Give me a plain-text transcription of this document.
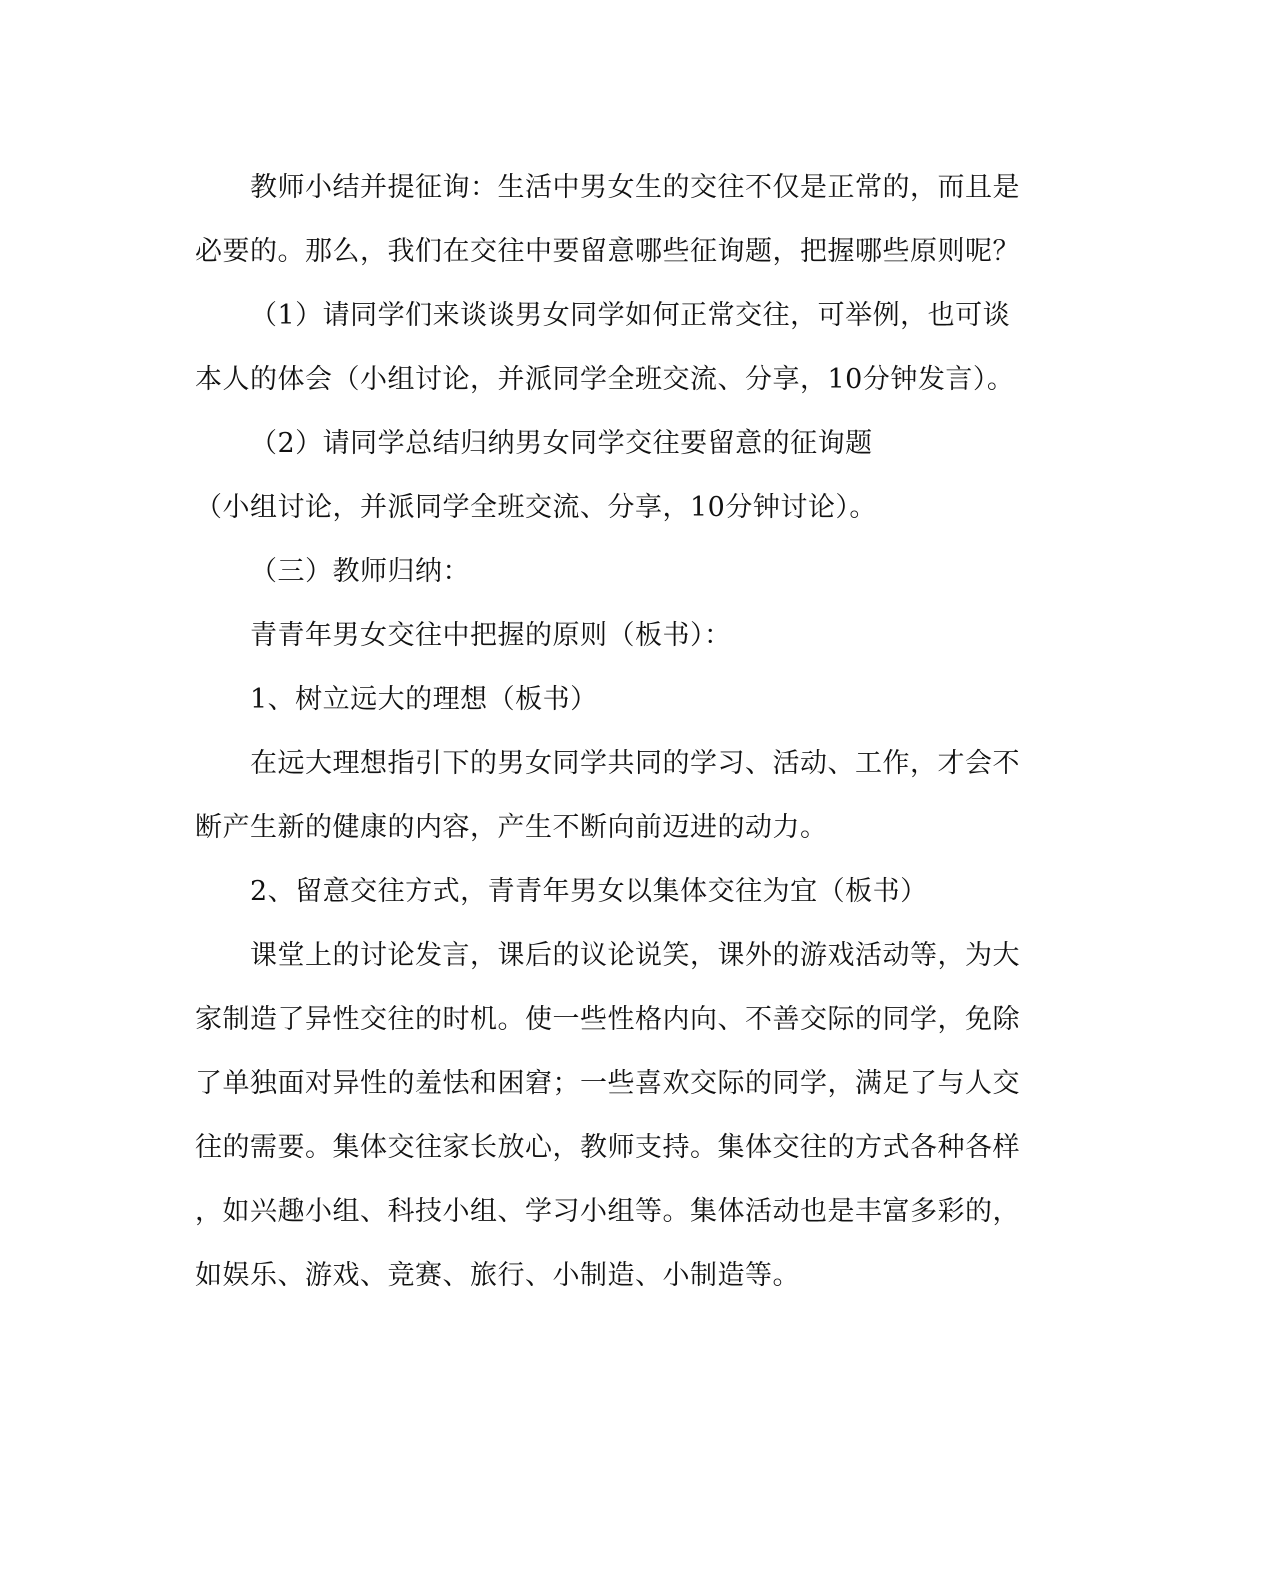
教师小结并提征询：生活中男女生的交往不仅是正常的，而且是
必要的。那么，我们在交往中要留意哪些征询题，把握哪些原则呢？
（1）请同学们来谈谈男女同学如何正常交往，可举例，也可谈
本人的体会（小组讨论，并派同学全班交流、分享，10分钟发言）。
（2）请同学总结归纳男女同学交往要留意的征询题
（小组讨论，并派同学全班交流、分享，10分钟讨论）。
（三）教师归纳：
青青年男女交往中把握的原则（板书）：
1、树立远大的理想（板书）
在远大理想指引下的男女同学共同的学习、活动、工作，才会不
断产生新的健康的内容，产生不断向前迈进的动力。
2、留意交往方式，青青年男女以集体交往为宜（板书）
课堂上的讨论发言，课后的议论说笑，课外的游戏活动等，为大
家制造了异性交往的时机。使一些性格内向、不善交际的同学，免除
了单独面对异性的羞怯和困窘；一些喜欢交际的同学，满足了与人交
往的需要。集体交往家长放心，教师支持。集体交往的方式各种各样
，如兴趣小组、科技小组、学习小组等。集体活动也是丰富多彩的，
如娱乐、游戏、竞赛、旅行、小制造、小制造等。
